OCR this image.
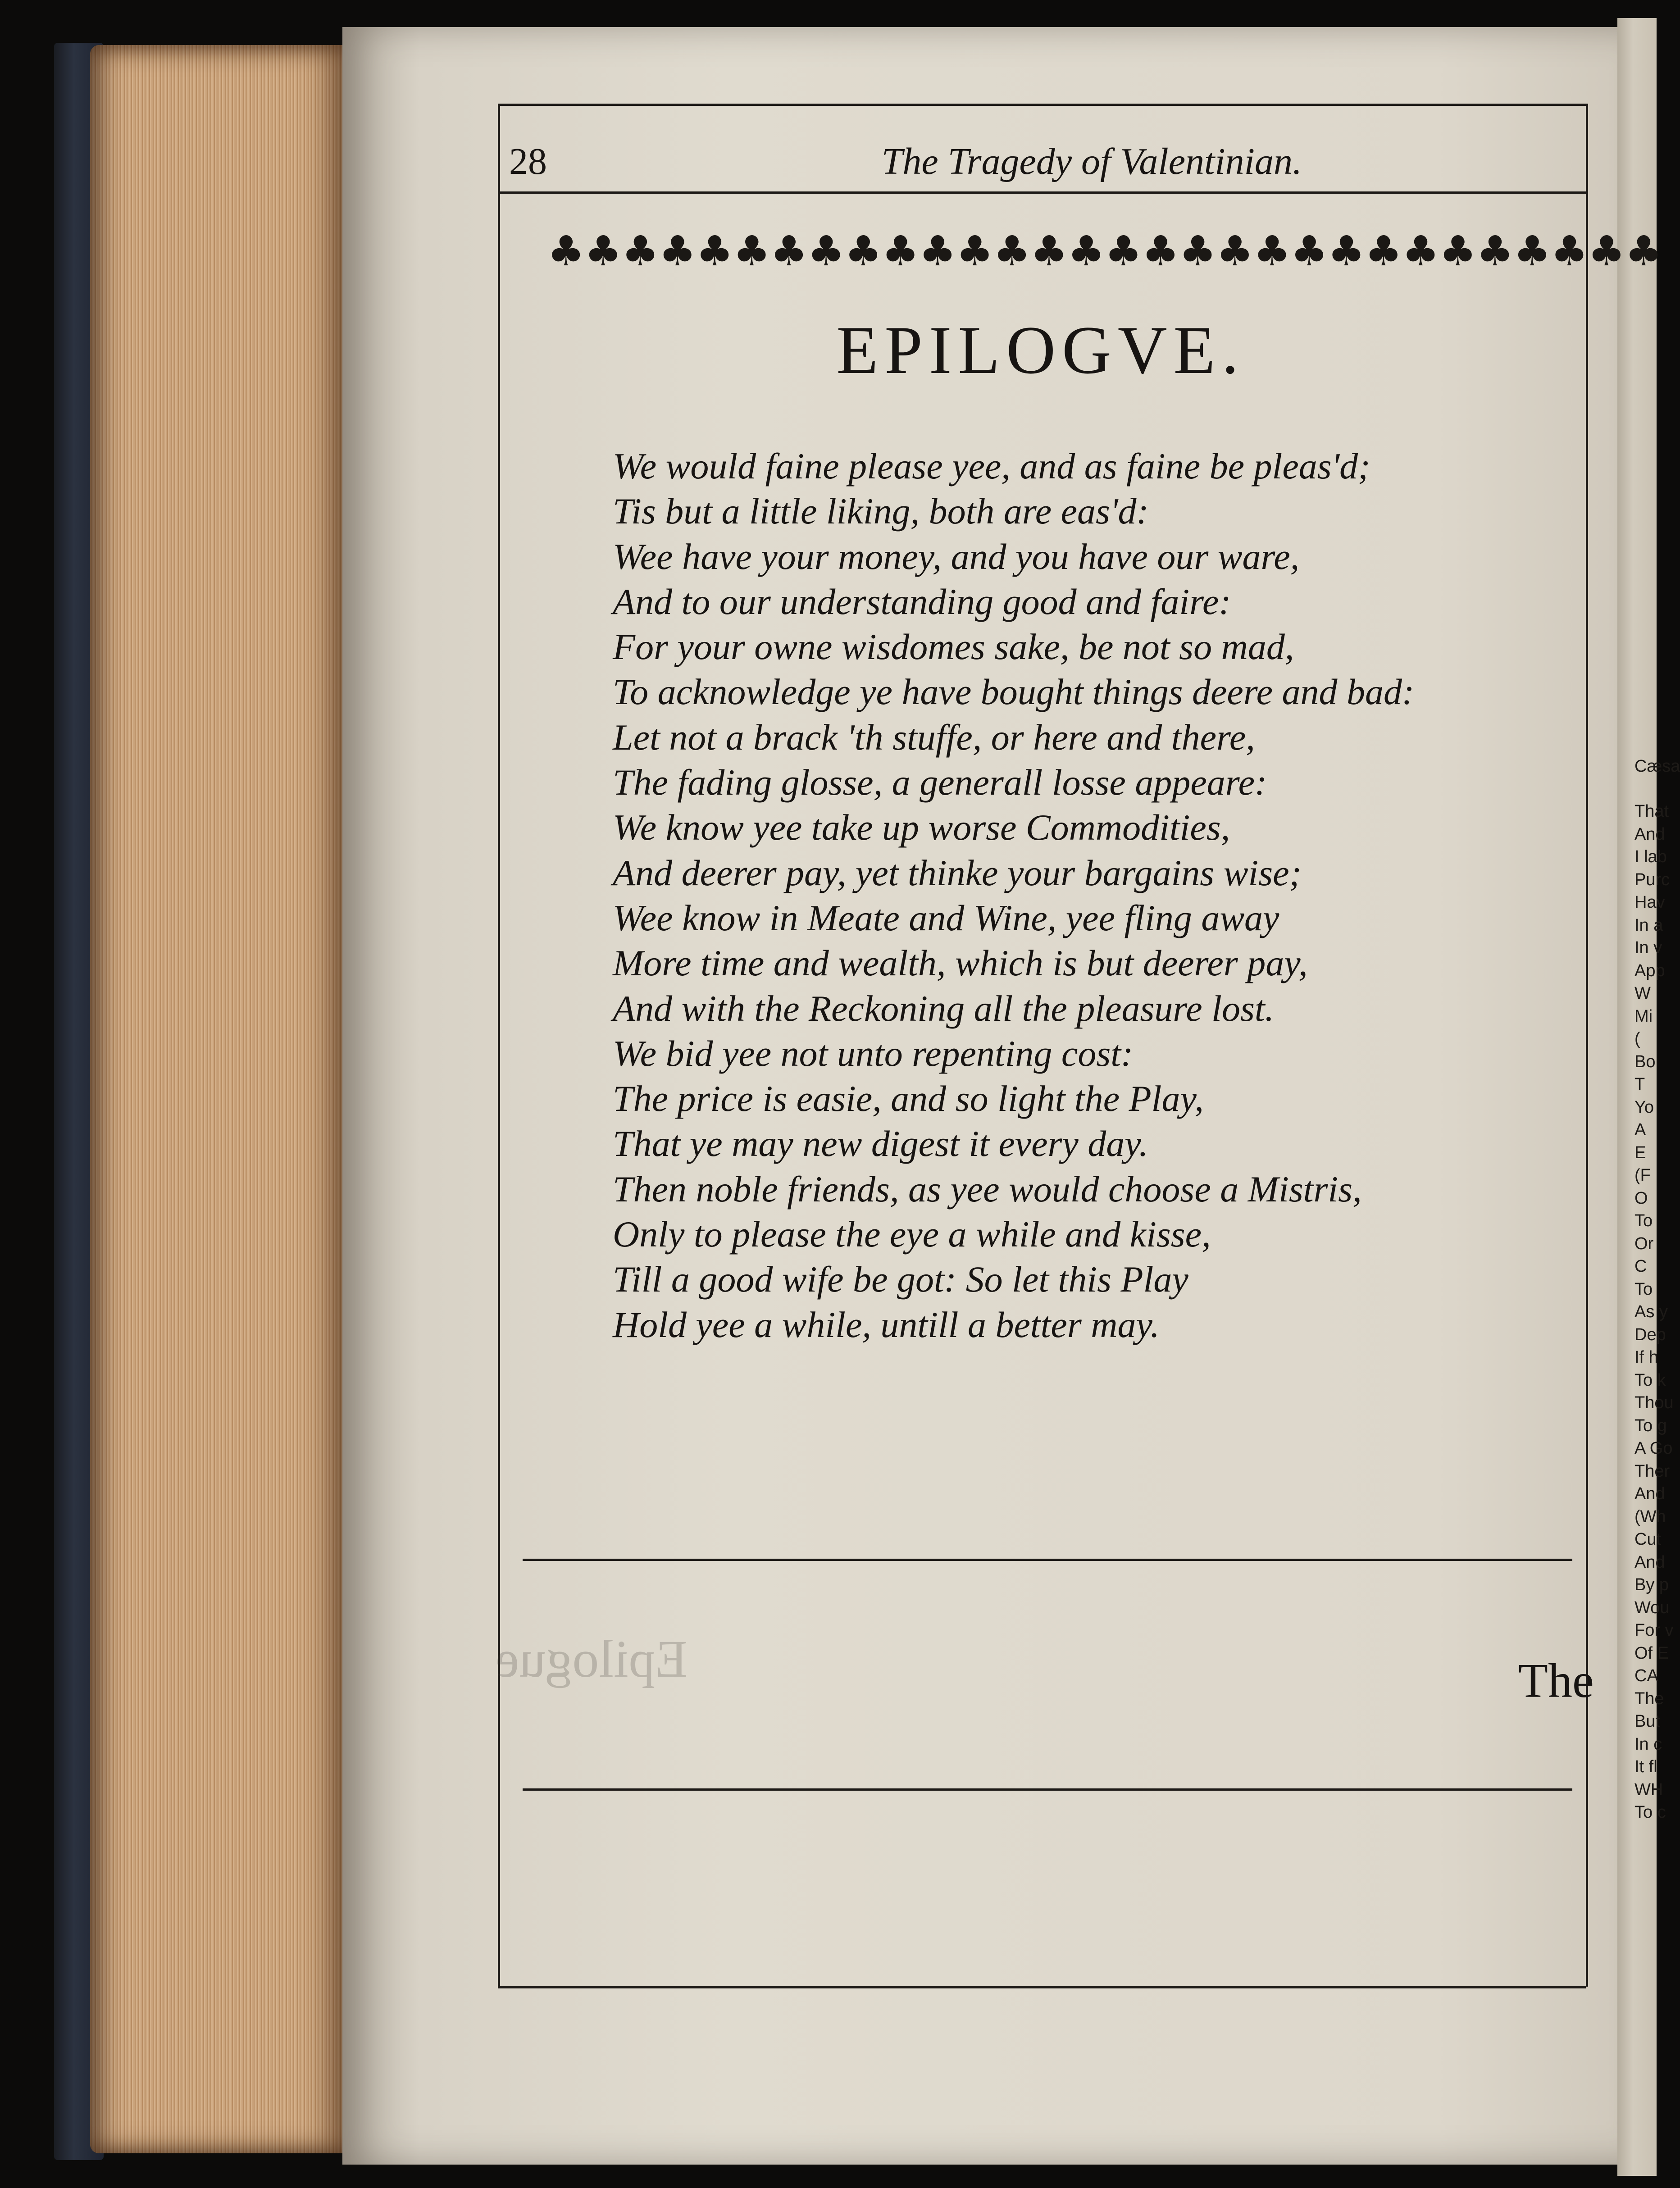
Cæsa
That
And
I lab
Purc
Hav
In a
In v
App
W
Mi
(
Bo
T
Yo
A
E
(F
O
To
Or
C
To
As y
Dep
If h
To k
Thou
To g
A Go
Ther
And
(Wh
Cut
And
By p
Wou
For v
Of E
CA
The
But
In c
It fl
WH
To c
28	The Tragedy of Valentinian.
♣ ♣ ♣ ♣ ♣ ♣ ♣ ♣ ♣ ♣ ♣ ♣ ♣ ♣ ♣ ♣ ♣ ♣ ♣ ♣ ♣ ♣ ♣ ♣ ♣ ♣ ♣ ♣ ♣ ♣
EPILOGVE.
We would faine please yee, and as faine be pleas'd;
Tis but a little liking, both are eas'd:
Wee have your money, and you have our ware,
And to our understanding good and faire:
For your owne wisdomes sake, be not so mad,
To acknowledge ye have bought things deere and bad:
Let not a brack 'th stuffe, or here and there,
The fading glosse, a generall losse appeare:
We know yee take up worse Commodities,
And deerer pay, yet thinke your bargains wise;
Wee know in Meate and Wine, yee fling away
More time and wealth, which is but deerer pay,
And with the Reckoning all the pleasure lost.
We bid yee not unto repenting cost:
The price is easie, and so light the Play,
That ye may new digest it every day.
Then noble friends, as yee would choose a Mistris,
Only to please the eye a while and kisse,
Till a good wife be got: So let this Play
Hold yee a while, untill a better may.
Epilogue	The
